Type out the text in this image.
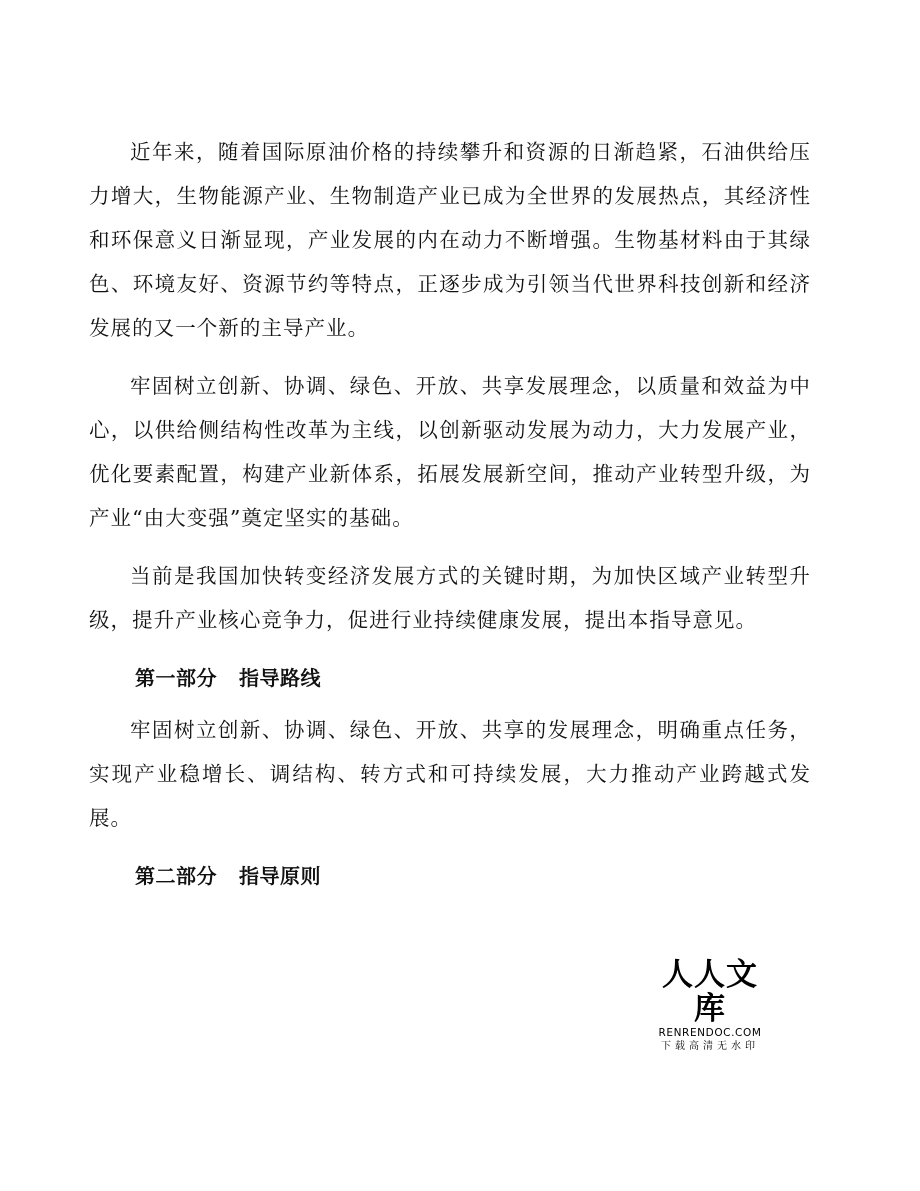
近年来，随着国际原油价格的持续攀升和资源的日渐趋紧，石油供给压力增大，生物能源产业、生物制造产业已成为全世界的发展热点，其经济性和环保意义日渐显现，产业发展的内在动力不断增强。生物基材料由于其绿色、环境友好、资源节约等特点，正逐步成为引领当代世界科技创新和经济发展的又一个新的主导产业。

牢固树立创新、协调、绿色、开放、共享发展理念，以质量和效益为中心，以供给侧结构性改革为主线，以创新驱动发展为动力，大力发展产业，优化要素配置，构建产业新体系，拓展发展新空间，推动产业转型升级，为产业“由大变强”奠定坚实的基础。

当前是我国加快转变经济发展方式的关键时期，为加快区域产业转型升级，提升产业核心竞争力，促进行业持续健康发展，提出本指导意见。

第一部分 指导路线

牢固树立创新、协调、绿色、开放、共享的发展理念，明确重点任务，实现产业稳增长、调结构、转方式和可持续发展，大力推动产业跨越式发展。

第二部分 指导原则
人人文库
RENRENDOC.COM
下载高清无水印
